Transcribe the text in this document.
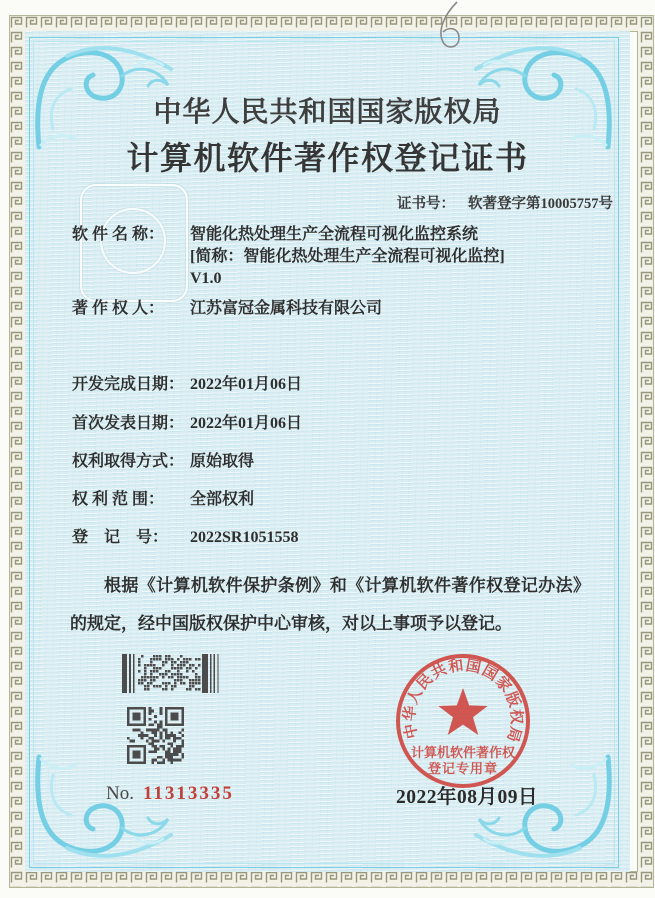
中华人民共和国国家版权局
计算机软件著作权登记证书
证书号： 软著登字第10005757号
软 件 名 称： 智能化热处理生产全流程可视化监控系统
[简称：智能化热处理生产全流程可视化监控]
V1.0
著 作 权 人： 江苏富冠金属科技有限公司
开发完成日期： 2022年01月06日
首次发表日期： 2022年01月06日
权利取得方式： 原始取得
权 利 范 围： 全部权利
登　记　号： 2022SR1051558

根据《计算机软件保护条例》和《计算机软件著作权登记办法》的规定，经中国版权保护中心审核，对以上事项予以登记。

No. 11313335
中华人民共和国国家版权局
计算机软件著作权
登记专用章
2022年08月09日
